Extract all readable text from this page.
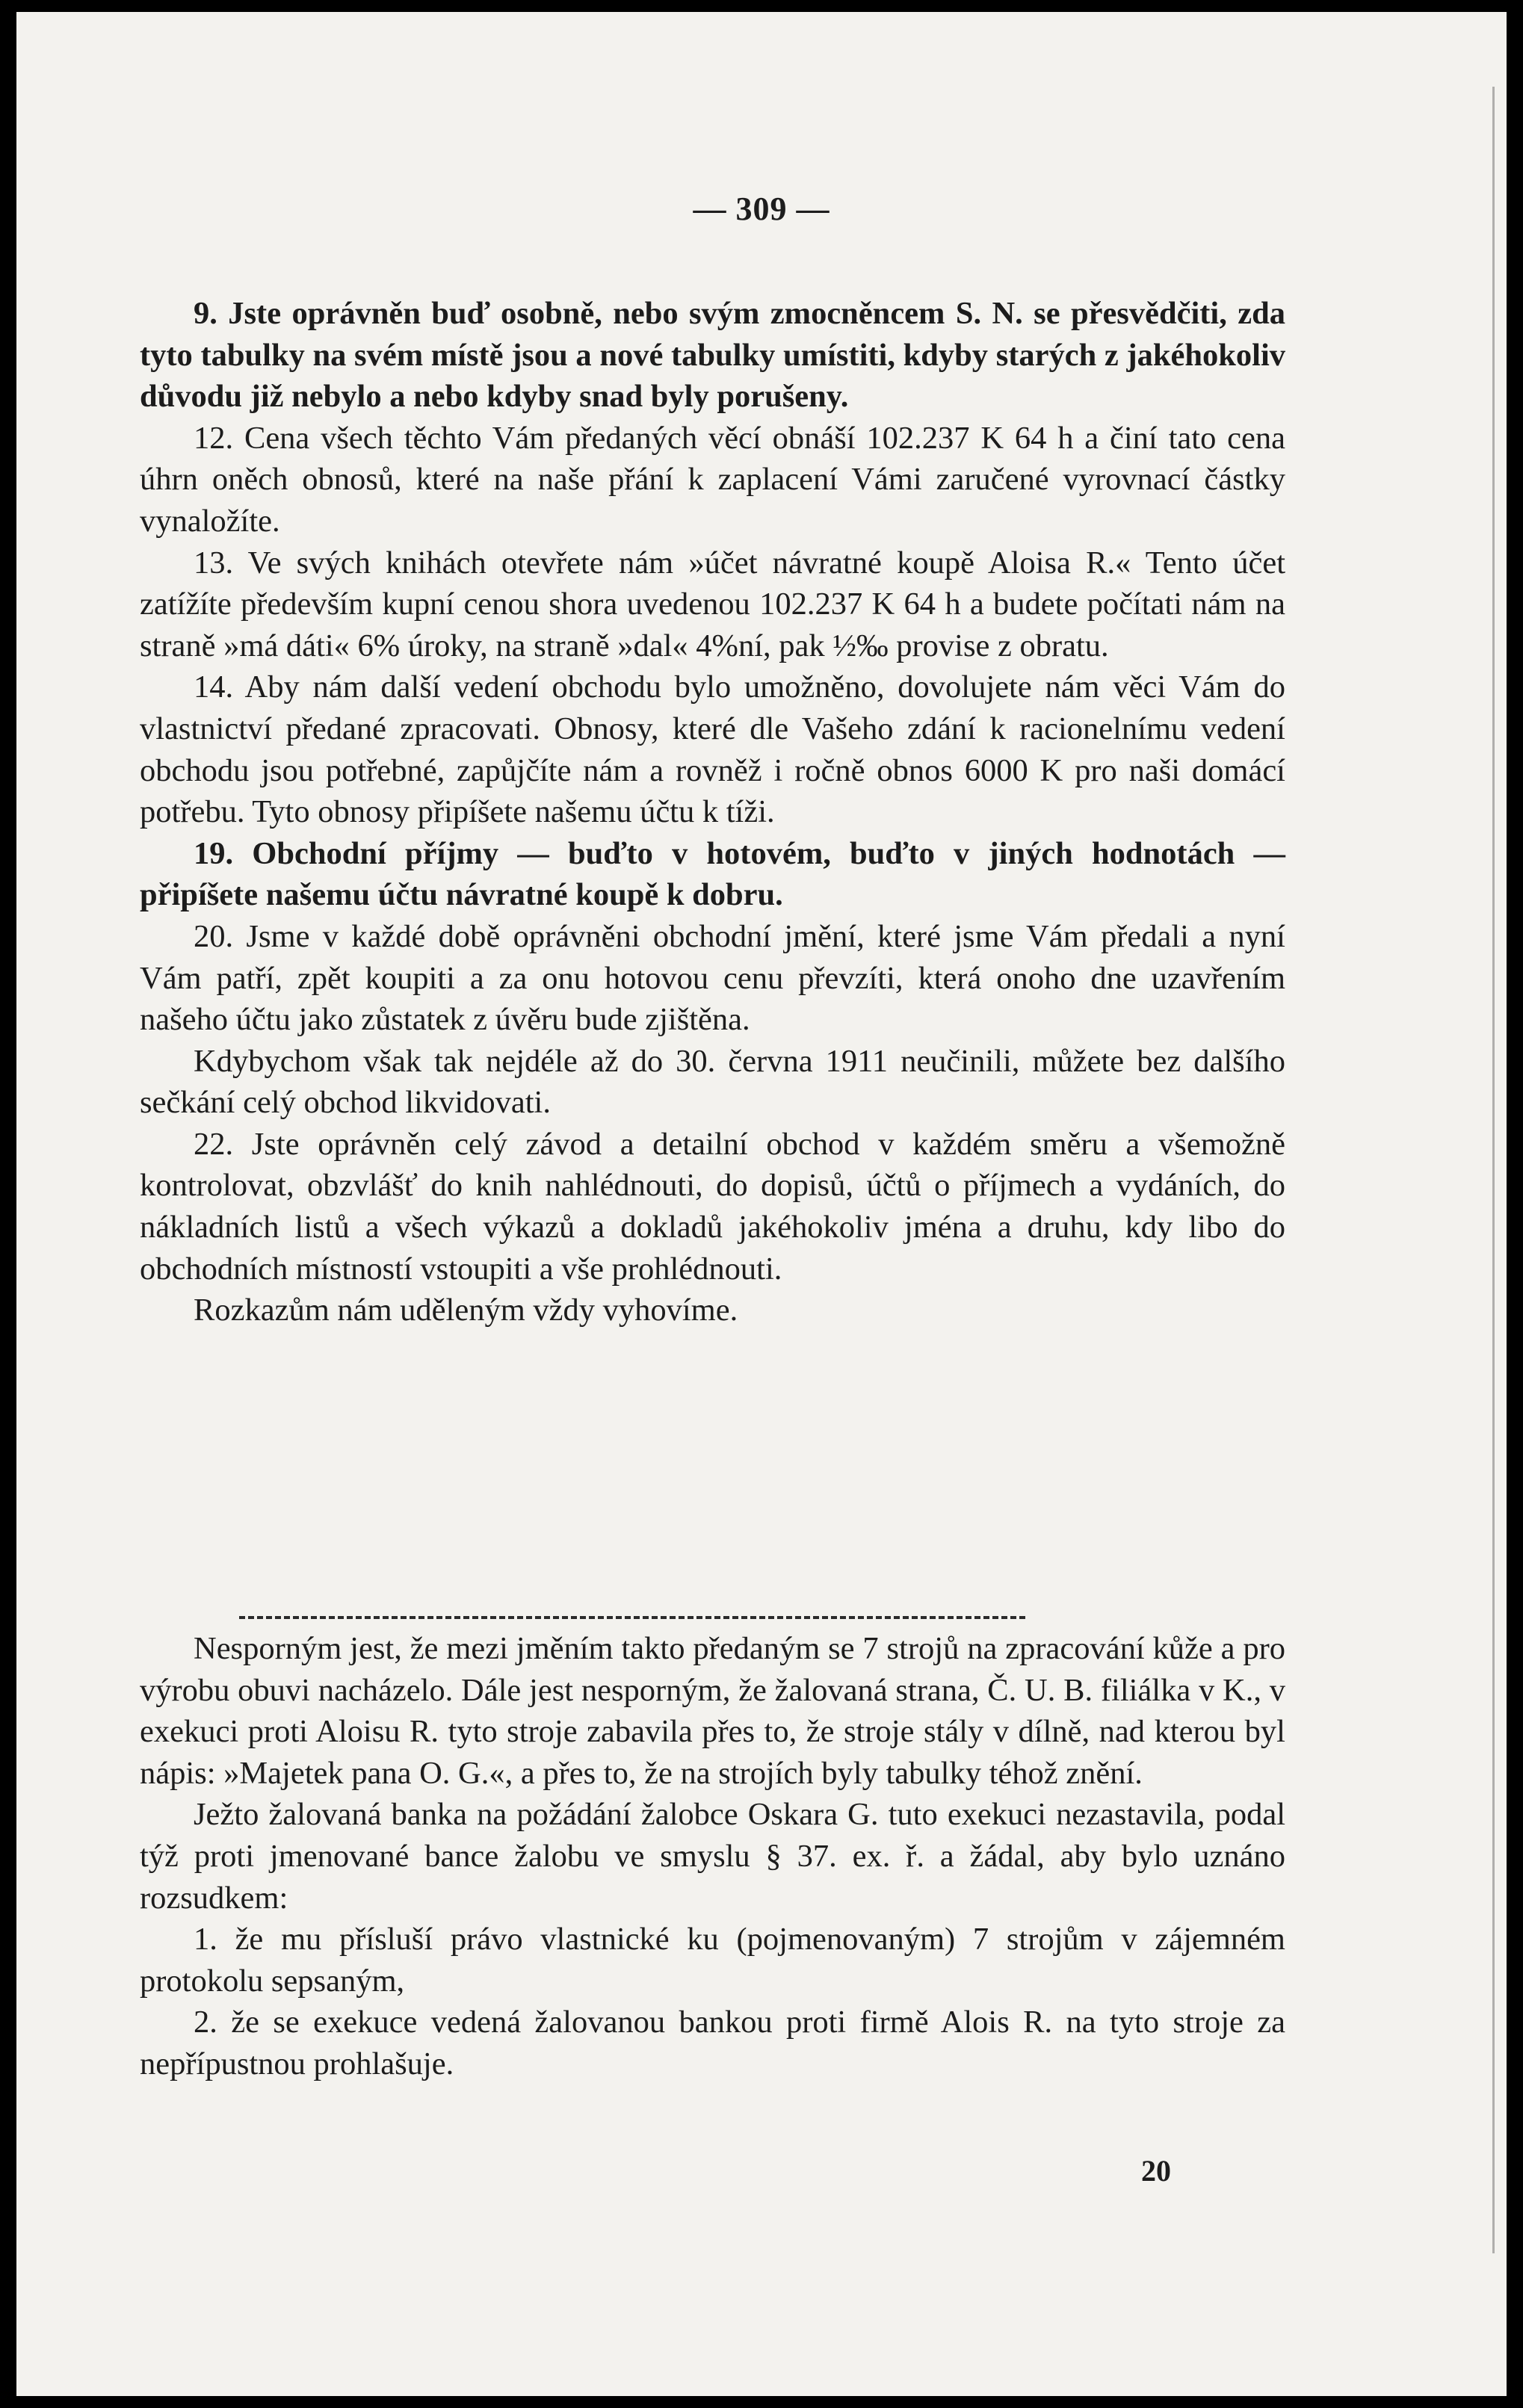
— 309 —

9. Jste oprávněn buď osobně, nebo svým zmocněncem S. N. se přesvědčiti, zda tyto tabulky na svém místě jsou a nové tabulky umístiti, kdyby starých z jakéhokoliv důvodu již nebylo a nebo kdyby snad byly porušeny.

12. Cena všech těchto Vám předaných věcí obnáší 102.237 K 64 h a činí tato cena úhrn oněch obnosů, které na naše přání k zaplacení Vámi zaručené vyrovnací částky vynaložíte.

13. Ve svých knihách otevřete nám »účet návratné koupě Aloisa R.« Tento účet zatížíte především kupní cenou shora uvedenou 102.237 K 64 h a budete počítati nám na straně »má dáti« 6% úroky, na straně »dal« 4%ní, pak ½‰ provise z obratu.

14. Aby nám další vedení obchodu bylo umožněno, dovolujete nám věci Vám do vlastnictví předané zpracovati. Obnosy, které dle Vašeho zdání k racionelnímu vedení obchodu jsou potřebné, zapůjčíte nám a rovněž i ročně obnos 6000 K pro naši domácí potřebu. Tyto obnosy připíšete našemu účtu k tíži.

19. Obchodní příjmy — buďto v hotovém, buďto v jiných hodnotách — připíšete našemu účtu návratné koupě k dobru.

20. Jsme v každé době oprávněni obchodní jmění, které jsme Vám předali a nyní Vám patří, zpět koupiti a za onu hotovou cenu převzíti, která onoho dne uzavřením našeho účtu jako zůstatek z úvěru bude zjištěna.

Kdybychom však tak nejdéle až do 30. června 1911 neučinili, můžete bez dalšího sečkání celý obchod likvidovati.

22. Jste oprávněn celý závod a detailní obchod v každém směru a všemožně kontrolovat, obzvlášť do knih nahlédnouti, do dopisů, účtů o příjmech a vydáních, do nákladních listů a všech výkazů a dokladů jakéhokoliv jména a druhu, kdy libo do obchodních místností vstoupiti a vše prohlédnouti.

Rozkazům nám uděleným vždy vyhovíme.

Nesporným jest, že mezi jměním takto předaným se 7 strojů na zpracování kůže a pro výrobu obuvi nacházelo. Dále jest nesporným, že žalovaná strana, Č. U. B. filiálka v K., v exekuci proti Aloisu R. tyto stroje zabavila přes to, že stroje stály v dílně, nad kterou byl nápis: »Majetek pana O. G.«, a přes to, že na strojích byly tabulky téhož znění.

Ježto žalovaná banka na požádání žalobce Oskara G. tuto exekuci nezastavila, podal týž proti jmenované bance žalobu ve smyslu § 37. ex. ř. a žádal, aby bylo uznáno rozsudkem:

1. že mu přísluší právo vlastnické ku (pojmenovaným) 7 strojům v zájemném protokolu sepsaným,

2. že se exekuce vedená žalovanou bankou proti firmě Alois R. na tyto stroje za nepřípustnou prohlašuje.

20
